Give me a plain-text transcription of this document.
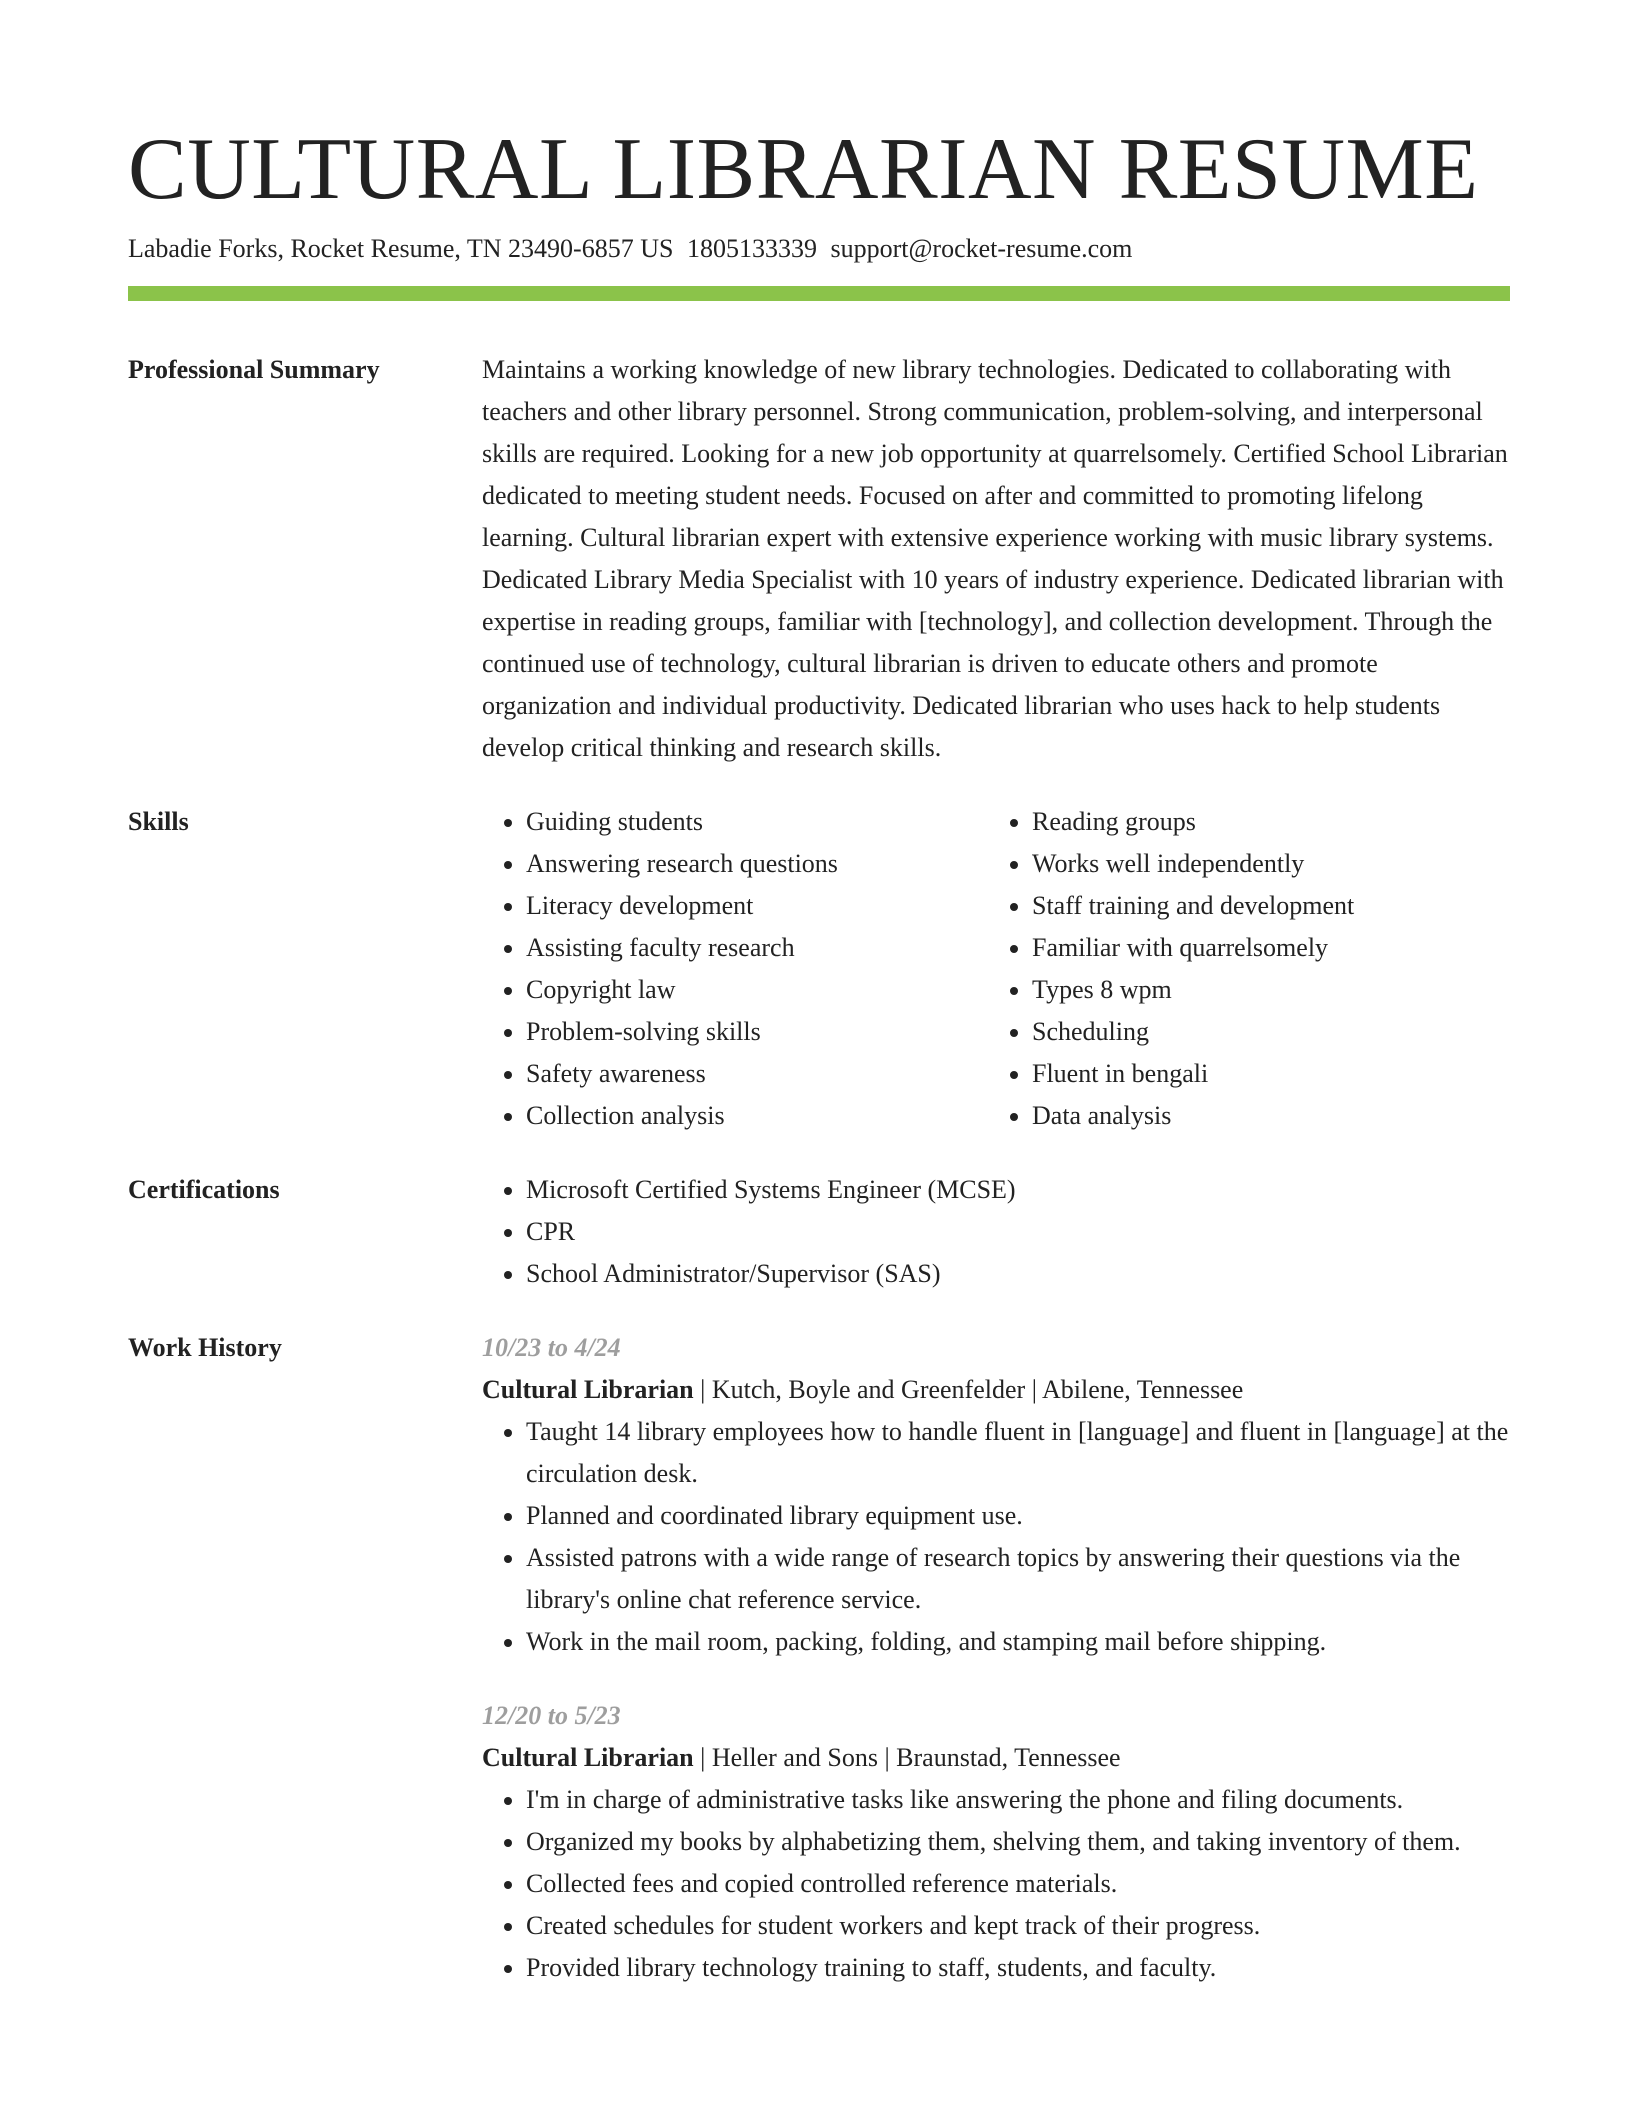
CULTURAL LIBRARIAN RESUME
Labadie Forks, Rocket Resume, TN 23490-6857 US 1805133339 support@rocket-resume.com
Professional Summary	Maintains a working knowledge of new library technologies. Dedicated to collaborating with teachers and other library personnel. Strong communication, problem-solving, and interpersonal skills are required. Looking for a new job opportunity at quarrelsomely. Certified School Librarian dedicated to meeting student needs. Focused on after and committed to promoting lifelong learning. Cultural librarian expert with extensive experience working with music library systems. Dedicated Library Media Specialist with 10 years of industry experience. Dedicated librarian with expertise in reading groups, familiar with [technology], and collection development. Through the continued use of technology, cultural librarian is driven to educate others and promote organization and individual productivity. Dedicated librarian who uses hack to help students develop critical thinking and research skills.

Skills	• Guiding students
• Answering research questions
• Literacy development
• Assisting faculty research
• Copyright law
• Problem-solving skills
• Safety awareness
• Collection analysis
• Reading groups
• Works well independently
• Staff training and development
• Familiar with quarrelsomely
• Types 8 wpm
• Scheduling
• Fluent in bengali
• Data analysis
Certifications	• Microsoft Certified Systems Engineer (MCSE)
• CPR
• School Administrator/Supervisor (SAS)
Work History	10/23 to 4/24
Cultural Librarian | Kutch, Boyle and Greenfelder | Abilene, Tennessee
• Taught 14 library employees how to handle fluent in [language] and fluent in [language] at the circulation desk.
• Planned and coordinated library equipment use.
• Assisted patrons with a wide range of research topics by answering their questions via the library's online chat reference service.
• Work in the mail room, packing, folding, and stamping mail before shipping.
12/20 to 5/23
Cultural Librarian | Heller and Sons | Braunstad, Tennessee
• I'm in charge of administrative tasks like answering the phone and filing documents.
• Organized my books by alphabetizing them, shelving them, and taking inventory of them.
• Collected fees and copied controlled reference materials.
• Created schedules for student workers and kept track of their progress.
• Provided library technology training to staff, students, and faculty.
